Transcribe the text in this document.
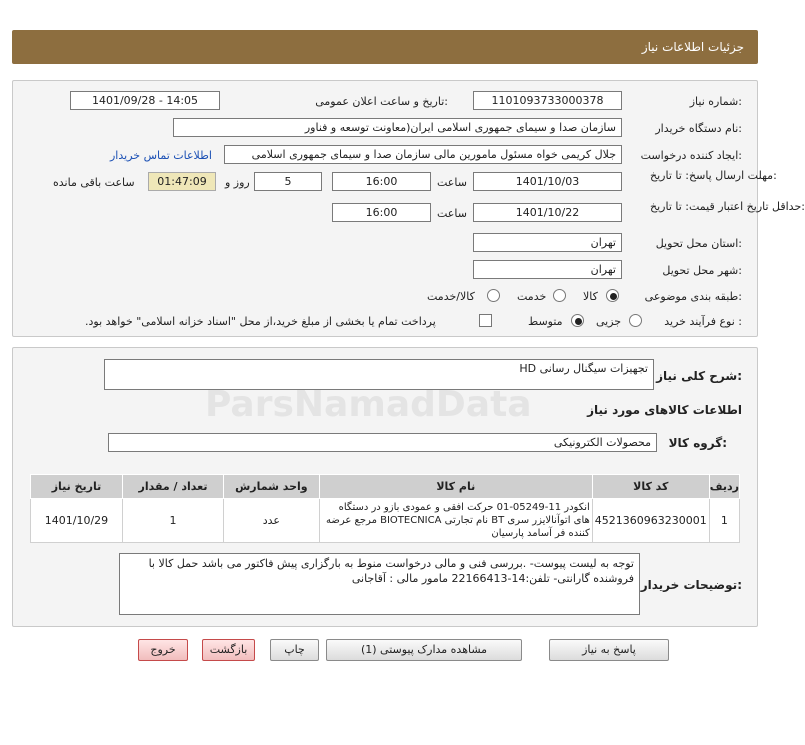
جزئیات اطلاعات نیاز
شماره نیاز:
1101093733000378
تاریخ و ساعت اعلان عمومی:
1401/09/28 - 14:05
نام دستگاه خریدار:
سازمان صدا و سیمای جمهوری اسلامی ایران(معاونت توسعه و فناور
ایجاد کننده درخواست:
جلال کریمی خواه مسئول مامورین مالی سازمان صدا و سیمای جمهوری اسلامی
اطلاعات تماس خریدار
مهلت ارسال پاسخ: تا تاریخ:
1401/10/03
ساعت
16:00
5
روز و
01:47:09
ساعت باقی مانده
حداقل تاریخ اعتبار قیمت: تا تاریخ:
1401/10/22
ساعت
16:00
استان محل تحویل:
تهران
شهر محل تحویل:
تهران
طبقه بندی موضوعی:
کالا
خدمت
کالا/خدمت
نوع فرآیند خرید :
جزیی
متوسط
پرداخت تمام یا بخشی از مبلغ خرید،از محل "اسناد خزانه اسلامی" خواهد بود.
شرح کلی نیاز:
تجهیزات سیگنال رسانی HD
اطلاعات کالاهای مورد نیاز
گروه کالا:
محصولات الکترونیکی
ردیف	کد کالا	نام کالا	واحد شمارش	تعداد / مقدار	تاریخ نیاز
1	4521360963230001	انکودر 11-05249-01 حرکت افقی و عمودی بازو در دستگاه های اتوآنالایزر سری BT نام تجارتی BIOTECNICA مرجع عرضه کننده فر آسامد پارسیان	عدد	1	1401/10/29
توضیحات خریدار:
توجه به لیست پیوست- .بررسی فنی و مالی درخواست منوط به بارگزاری پیش فاکتور می باشد حمل کالا با فروشنده گارانتی- تلفن:14-22166413 مامور مالی : آقاجانی
پاسخ به نیاز
مشاهده مدارک پیوستی (1)
چاپ
بازگشت
خروج
